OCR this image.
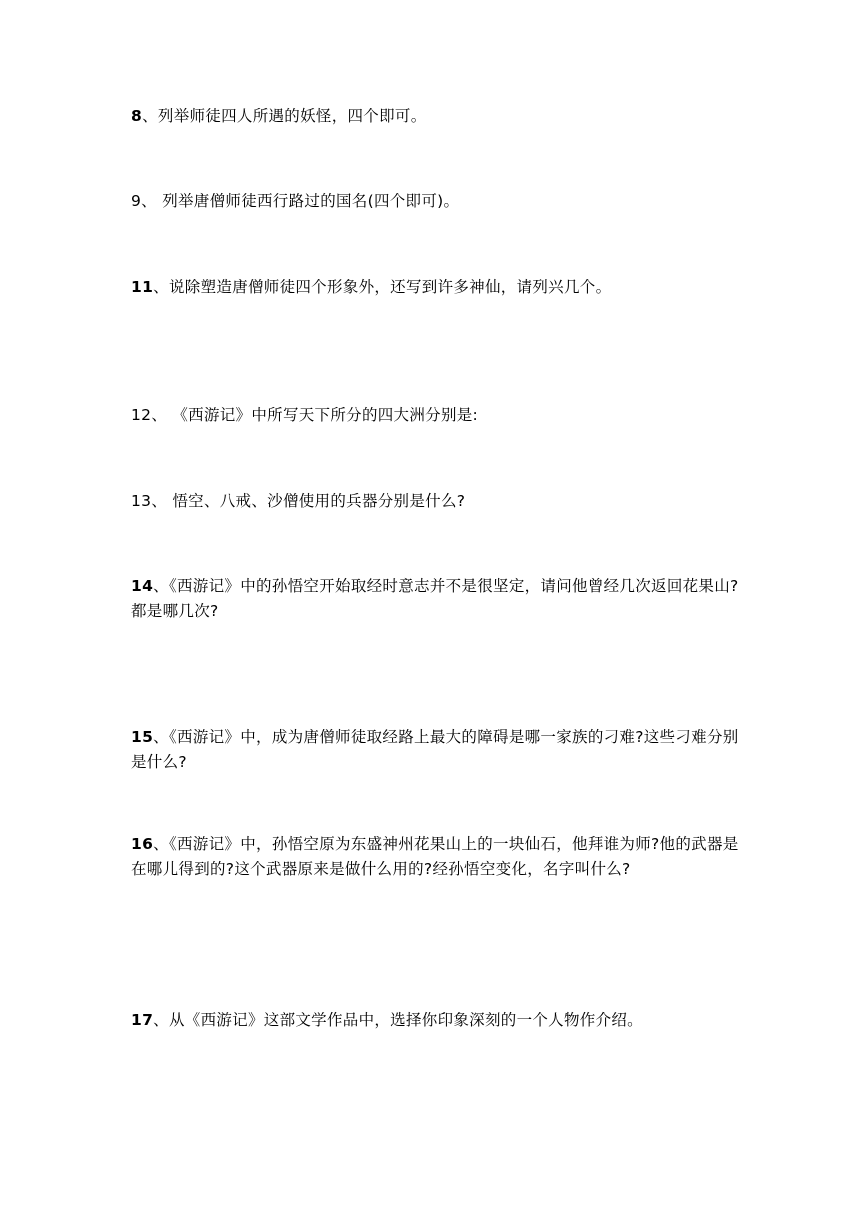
8、列举师徒四人所遇的妖怪，四个即可。

9、 列举唐僧师徒西行路过的国名(四个即可)。

11、说除塑造唐僧师徒四个形象外，还写到许多神仙，请列兴几个。

12、 《西游记》中所写天下所分的四大洲分别是:

13、 悟空、八戒、沙僧使用的兵器分别是什么?

14、《西游记》中的孙悟空开始取经时意志并不是很坚定，请问他曾经几次返回花果山?都是哪几次?

15、《西游记》中，成为唐僧师徒取经路上最大的障碍是哪一家族的刁难?这些刁难分别是什么?

16、《西游记》中，孙悟空原为东盛神州花果山上的一块仙石，他拜谁为师?他的武器是在哪儿得到的?这个武器原来是做什么用的?经孙悟空变化，名字叫什么?

17、从《西游记》这部文学作品中，选择你印象深刻的一个人物作介绍。
